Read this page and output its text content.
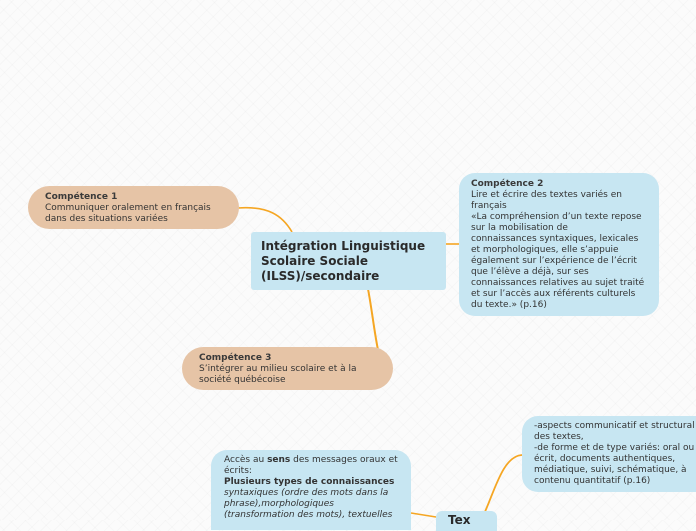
Compétence 1
Communiquer oralement en français
dans des situations variées
Intégration Linguistique
Scolaire Sociale
(ILSS)/secondaire
Compétence 2
Lire et écrire des textes variés en
français
«La compréhension d’un texte repose
sur la mobilisation de
connaissances syntaxiques, lexicales
et morphologiques, elle s’appuie
également sur l’expérience de l’écrit
que l’élève a déjà, sur ses
connaissances relatives au sujet traité
et sur l’accès aux référents culturels
du texte.» (p.16)
Compétence 3
S’intégrer au milieu scolaire et à la
société québécoise
-aspects communicatif et structural
des textes,
-de forme et de type variés: oral ou
écrit, documents authentiques,
médiatique, suivi, schématique, à
contenu quantitatif (p.16)
Accès au sens des messages oraux et
écrits:
Plusieurs types de connaissances
syntaxiques (ordre des mots dans la
phrase),morphologiques
(transformation des mots), textuelles	Tex
